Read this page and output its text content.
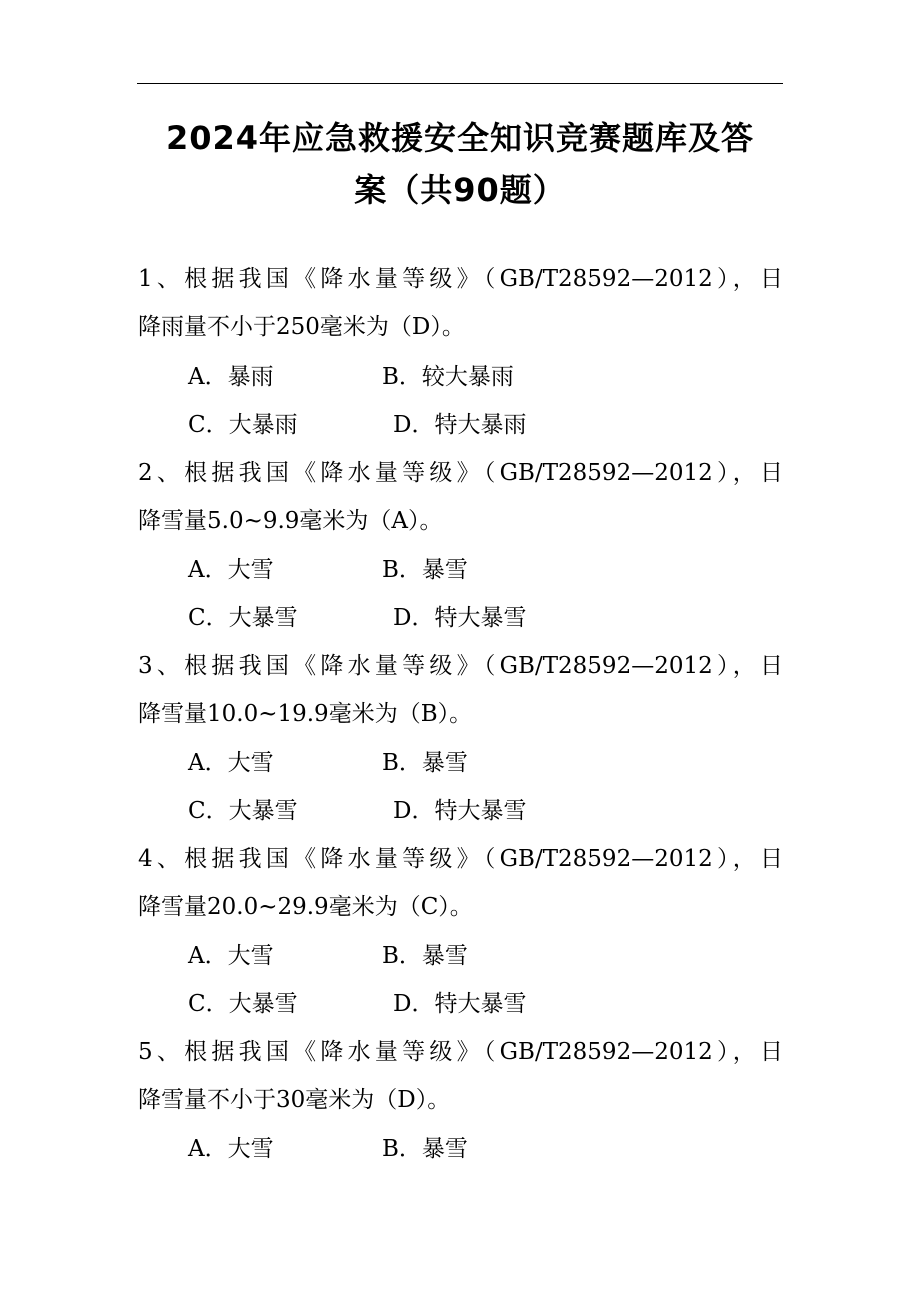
2024年应急救援安全知识竞赛题库及答
案（共90题）
1、根据我国《降水量等级》（GB/T28592—2012），日
降雨量不小于250毫米为（D）。
A．暴雨	B．较大暴雨
C．大暴雨	D．特大暴雨
2、根据我国《降水量等级》（GB/T28592—2012），日
降雪量5.0~9.9毫米为（A）。
A．大雪	B．暴雪
C．大暴雪	D．特大暴雪
3、根据我国《降水量等级》（GB/T28592—2012），日
降雪量10.0~19.9毫米为（B）。
A．大雪	B．暴雪
C．大暴雪	D．特大暴雪
4、根据我国《降水量等级》（GB/T28592—2012），日
降雪量20.0~29.9毫米为（C）。
A．大雪	B．暴雪
C．大暴雪	D．特大暴雪
5、根据我国《降水量等级》（GB/T28592—2012），日
降雪量不小于30毫米为（D）。
A．大雪	B．暴雪
